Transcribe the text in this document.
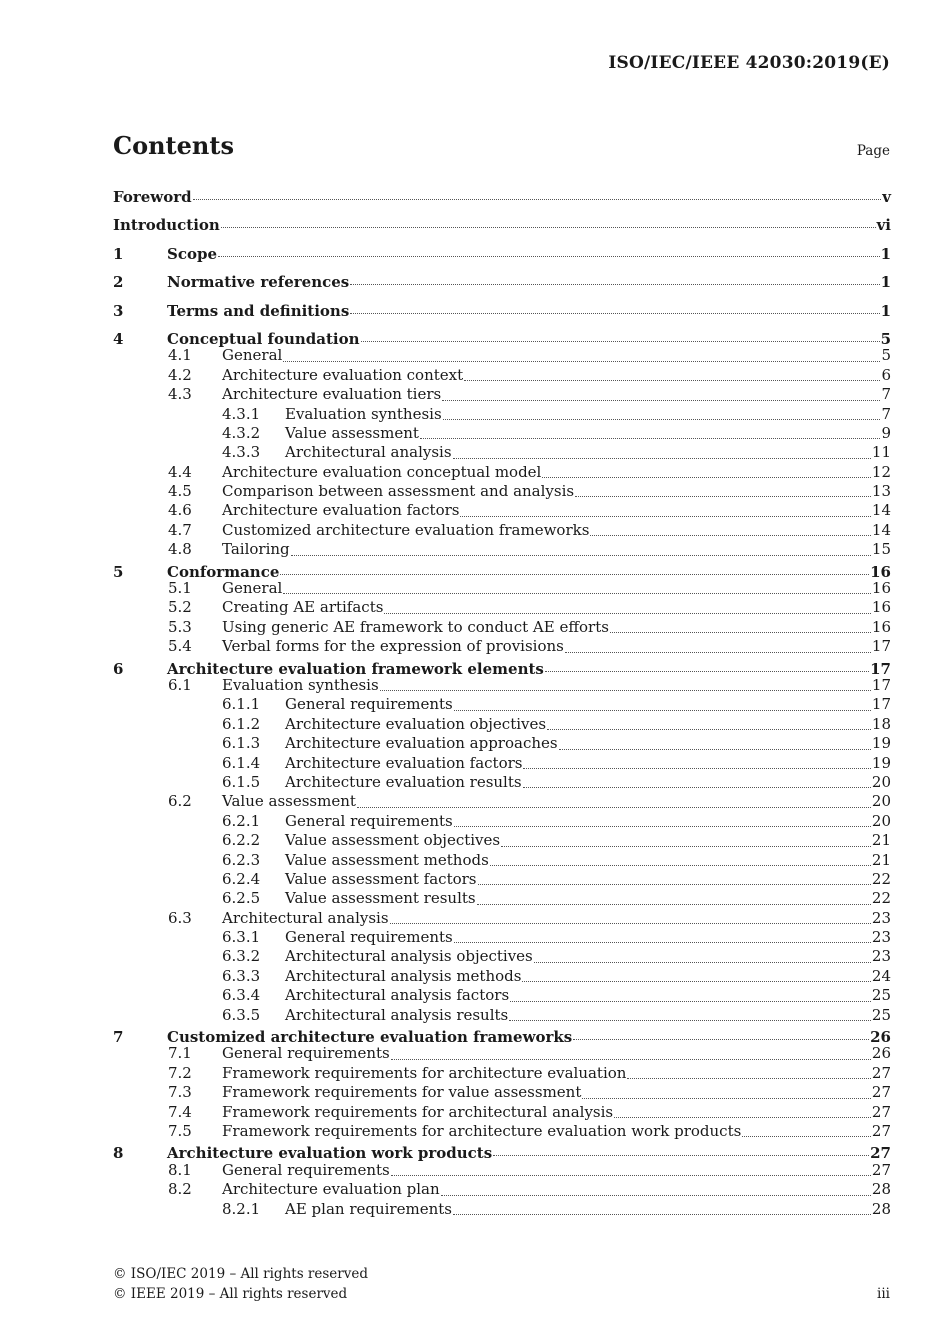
ISO/IEC/IEEE 42030:2019(E)
Contents	Page
Foreword	v
Introduction	vi
1	Scope	1
2	Normative references	1
3	Terms and definitions	1
4	Conceptual foundation	5
4.1 General	5
4.2 Architecture evaluation context	6
4.3 Architecture evaluation tiers	7
4.3.1 Evaluation synthesis	7
4.3.2 Value assessment	9
4.3.3 Architectural analysis	11
4.4 Architecture evaluation conceptual model	12
4.5 Comparison between assessment and analysis	13
4.6 Architecture evaluation factors	14
4.7 Customized architecture evaluation frameworks	14
4.8 Tailoring	15
5	Conformance	16
5.1 General	16
5.2 Creating AE artifacts	16
5.3 Using generic AE framework to conduct AE efforts	16
5.4 Verbal forms for the expression of provisions	17
6	Architecture evaluation framework elements	17
6.1 Evaluation synthesis	17
6.1.1 General requirements	17
6.1.2 Architecture evaluation objectives	18
6.1.3 Architecture evaluation approaches	19
6.1.4 Architecture evaluation factors	19
6.1.5 Architecture evaluation results	20
6.2 Value assessment	20
6.2.1 General requirements	20
6.2.2 Value assessment objectives	21
6.2.3 Value assessment methods	21
6.2.4 Value assessment factors	22
6.2.5 Value assessment results	22
6.3 Architectural analysis	23
6.3.1 General requirements	23
6.3.2 Architectural analysis objectives	23
6.3.3 Architectural analysis methods	24
6.3.4 Architectural analysis factors	25
6.3.5 Architectural analysis results	25
7	Customized architecture evaluation frameworks	26
7.1 General requirements	26
7.2 Framework requirements for architecture evaluation	27
7.3 Framework requirements for value assessment	27
7.4 Framework requirements for architectural analysis	27
7.5 Framework requirements for architecture evaluation work products	27
8	Architecture evaluation work products	27
8.1 General requirements	27
8.2 Architecture evaluation plan	28
8.2.1 AE plan requirements	28
© ISO/IEC 2019 – All rights reserved
© IEEE 2019 – All rights reserved	iii
